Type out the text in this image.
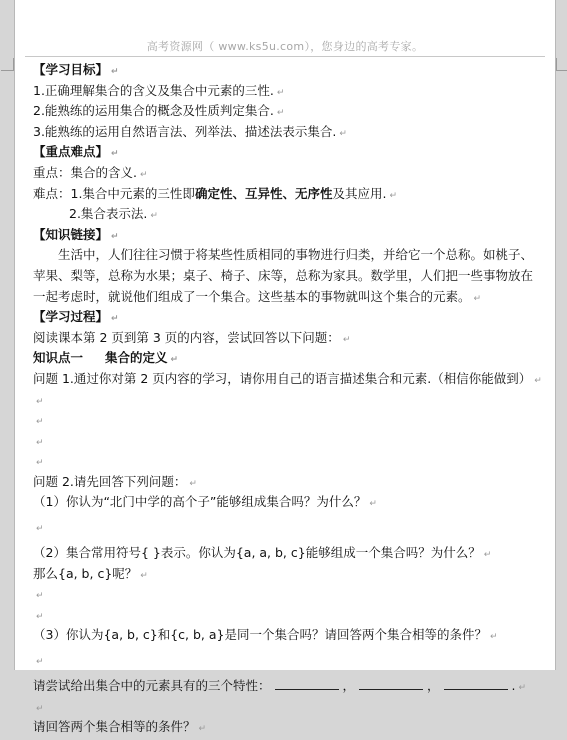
高考资源网（ www.ks5u.com），您身边的高考专家。
【学习目标】 ↵
1.正确理解集合的含义及集合中元素的三性. ↵
2.能熟练的运用集合的概念及性质判定集合. ↵
3.能熟练的运用自然语言法、列举法、描述法表示集合. ↵
【重点难点】 ↵
重点：集合的含义. ↵
难点：1.集合中元素的三性即确定性、互异性、无序性及其应用. ↵
2.集合表示法. ↵
【知识链接】 ↵
生活中，人们往往习惯于将某些性质相同的事物进行归类，并给它一个总称。如桃子、
苹果、梨等，总称为水果；桌子、椅子、床等，总称为家具。数学里，人们把一些事物放在
一起考虑时，就说他们组成了一个集合。这些基本的事物就叫这个集合的元素。 ↵
【学习过程】 ↵
阅读课本第 2 页到第 3 页的内容，尝试回答以下问题： ↵
知识点一 集合的定义 ↵
问题 1.通过你对第 2 页内容的学习，请你用自己的语言描述集合和元素.（相信你能做到） ↵
↵
↵
↵
↵
问题 2.请先回答下列问题： ↵
（1）你认为“北门中学的高个子”能够组成集合吗？为什么？ ↵
↵
（2）集合常用符号{ }表示。你认为{a, a, b, c}能够组成一个集合吗？为什么？ ↵
那么{a, b, c}呢？ ↵
↵
↵
（3）你认为{a, b, c}和{c, b, a}是同一个集合吗？请回答两个集合相等的条件？ ↵
↵
请尝试给出集合中的元素具有的三个特性：	，	，	. ↵
↵
请回答两个集合相等的条件？ ↵
